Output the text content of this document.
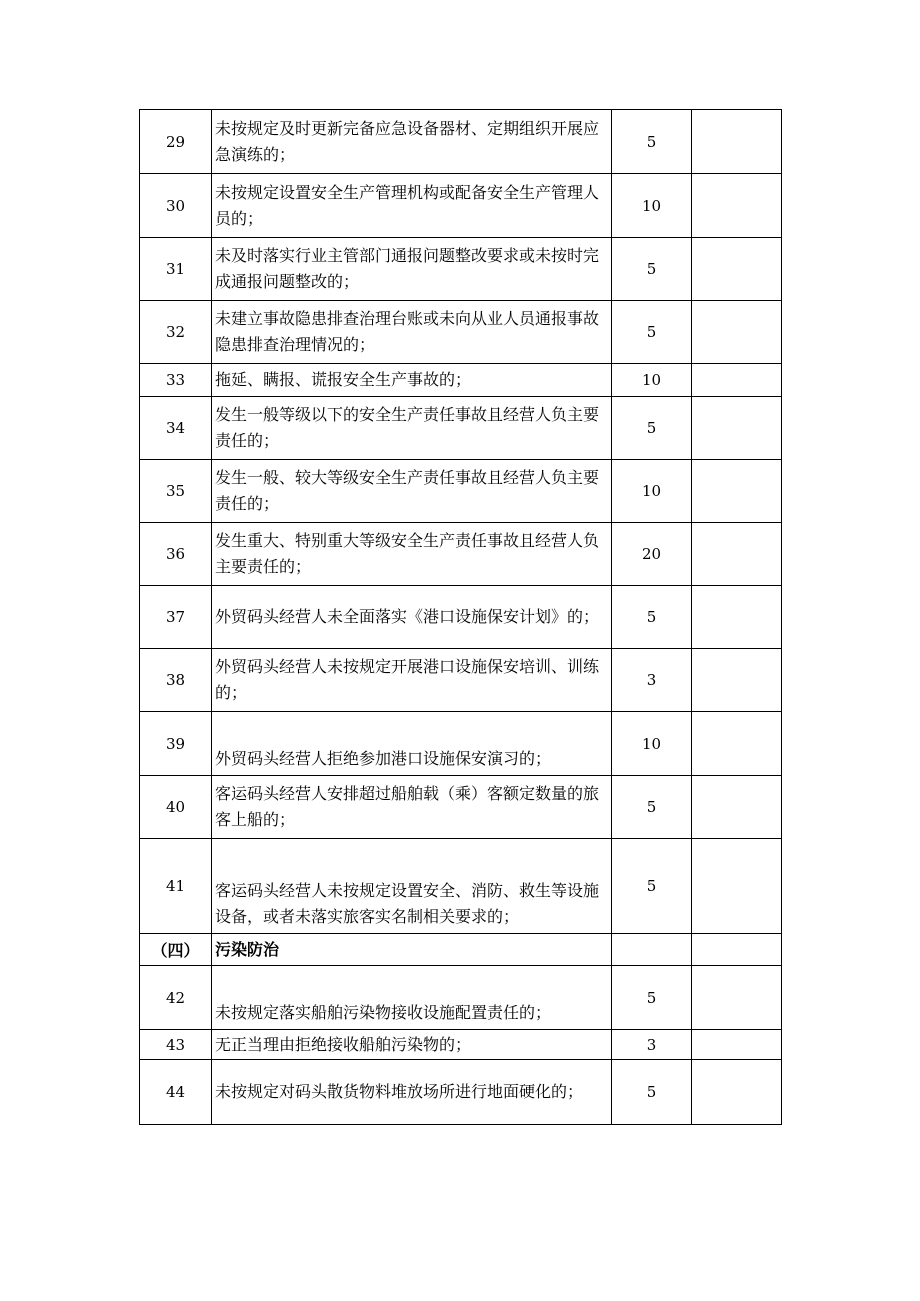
29	未按规定及时更新完备应急设备器材、定期组织开展应急演练的；	5	
30	未按规定设置安全生产管理机构或配备安全生产管理人员的；	10	
31	未及时落实行业主管部门通报问题整改要求或未按时完成通报问题整改的；	5	
32	未建立事故隐患排查治理台账或未向从业人员通报事故隐患排查治理情况的；	5	
33	拖延、瞒报、谎报安全生产事故的；	10	
34	发生一般等级以下的安全生产责任事故且经营人负主要责任的；	5	
35	发生一般、较大等级安全生产责任事故且经营人负主要责任的；	10	
36	发生重大、特别重大等级安全生产责任事故且经营人负主要责任的；	20	
37	外贸码头经营人未全面落实《港口设施保安计划》的；	5	
38	外贸码头经营人未按规定开展港口设施保安培训、训练的；	3	
39	外贸码头经营人拒绝参加港口设施保安演习的；	10	
40	客运码头经营人安排超过船舶载（乘）客额定数量的旅客上船的；	5	
41	客运码头经营人未按规定设置安全、消防、救生等设施设备，或者未落实旅客实名制相关要求的；	5	
（四）	污染防治		
42	未按规定落实船舶污染物接收设施配置责任的；	5	
43	无正当理由拒绝接收船舶污染物的；	3	
44	未按规定对码头散货物料堆放场所进行地面硬化的；	5	
